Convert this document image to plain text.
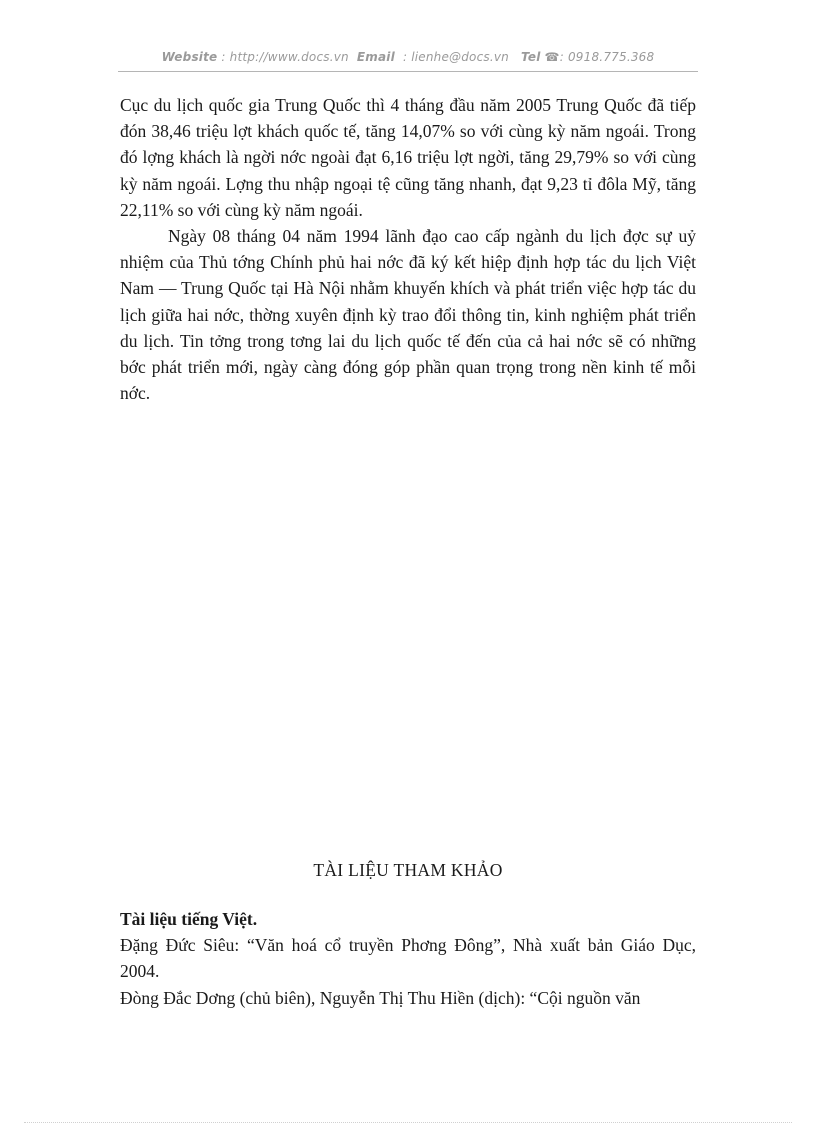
Website : http://www.docs.vn Email : lienhe@docs.vn Tel ☎: 0918.775.368

Cục du lịch quốc gia Trung Quốc thì 4 tháng đầu năm 2005 Trung Quốc đã tiếp đón 38,46 triệu lợt khách quốc tế, tăng 14,07% so với cùng kỳ năm ngoái. Trong đó lợng khách là ngời nớc ngoài đạt 6,16 triệu lợt ngời, tăng 29,79% so với cùng kỳ năm ngoái. Lợng thu nhập ngoại tệ cũng tăng nhanh, đạt 9,23 tỉ đôla Mỹ, tăng 22,11% so với cùng kỳ năm ngoái.

Ngày 08 tháng 04 năm 1994 lãnh đạo cao cấp ngành du lịch đợc sự uỷ nhiệm của Thủ tớng Chính phủ hai nớc đã ký kết hiệp định hợp tác du lịch Việt Nam — Trung Quốc tại Hà Nội nhằm khuyến khích và phát triển việc hợp tác du lịch giữa hai nớc, thờng xuyên định kỳ trao đổi thông tin, kinh nghiệm phát triển du lịch. Tin tởng trong tơng lai du lịch quốc tế đến của cả hai nớc sẽ có những bớc phát triển mới, ngày càng đóng góp phần quan trọng trong nền kinh tế mỗi nớc.

TÀI LIỆU THAM KHẢO

Tài liệu tiếng Việt.

Đặng Đức Siêu: “Văn hoá cổ truyền Phơng Đông”, Nhà xuất bản Giáo Dục, 2004.

Đòng Đắc Dơng (chủ biên), Nguyễn Thị Thu Hiền (dịch): “Cội nguồn văn
